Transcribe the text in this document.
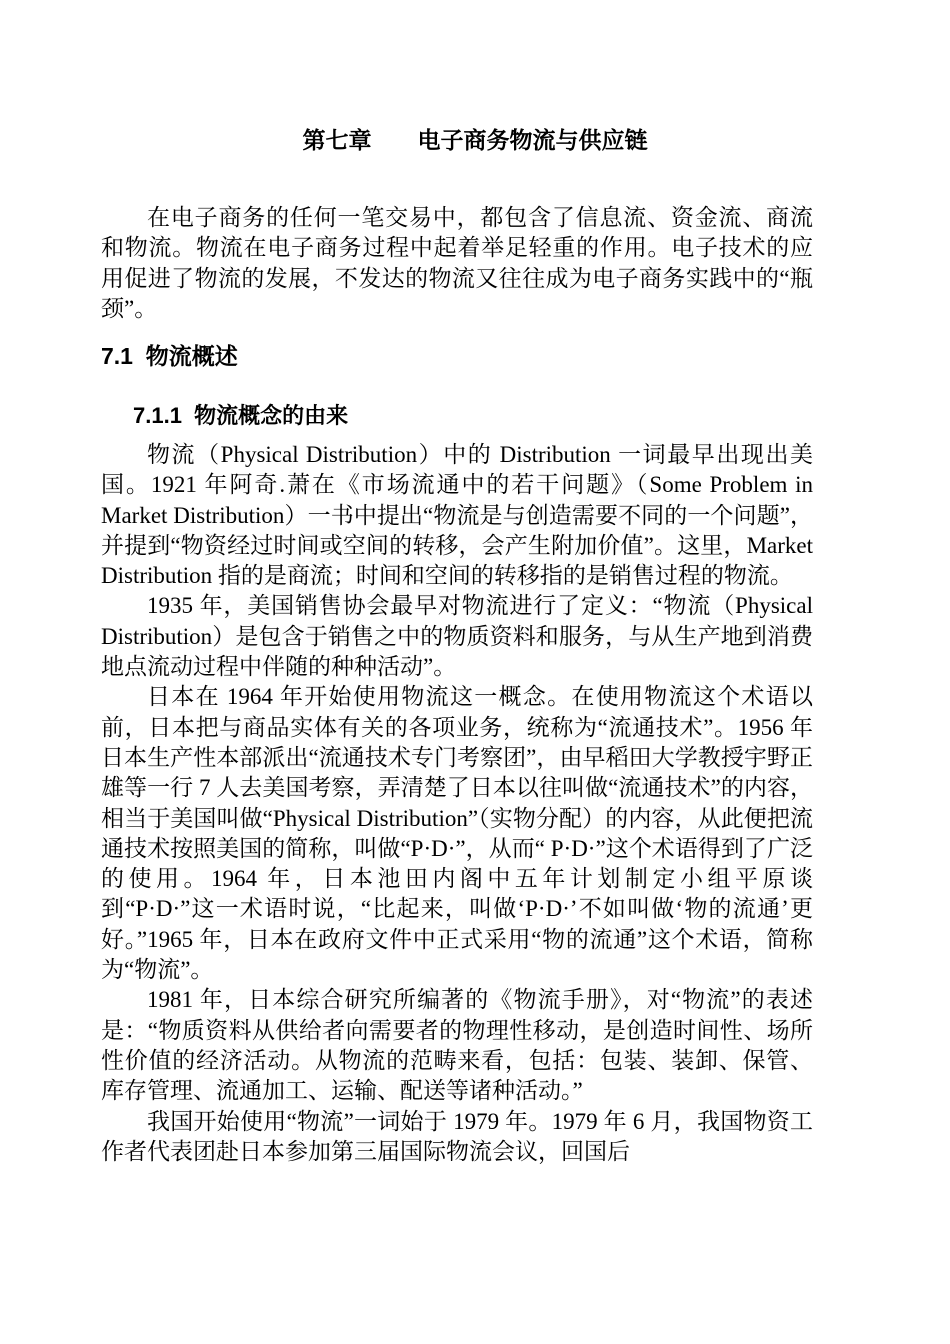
第七章　　电子商务物流与供应链

在电子商务的任何一笔交易中，都包含了信息流、资金流、商流和物流。物流在电子商务过程中起着举足轻重的作用。电子技术的应用促进了物流的发展，不发达的物流又往往成为电子商务实践中的“瓶颈”。

7.1  物流概述
7.1.1  物流概念的由来

物流（Physical Distribution）中的 Distribution 一词最早出现出美国。1921 年阿奇.萧在《市场流通中的若干问题》（Some Problem in Market Distribution）一书中提出“物流是与创造需要不同的一个问题”，并提到“物资经过时间或空间的转移，会产生附加价值”。这里，Market Distribution 指的是商流；时间和空间的转移指的是销售过程的物流。

1935 年，美国销售协会最早对物流进行了定义：“物流（Physical Distribution）是包含于销售之中的物质资料和服务，与从生产地到消费地点流动过程中伴随的种种活动”。

日本在 1964 年开始使用物流这一概念。在使用物流这个术语以前，日本把与商品实体有关的各项业务，统称为“流通技术”。1956 年日本生产性本部派出“流通技术专门考察团”，由早稻田大学教授宇野正雄等一行 7 人去美国考察，弄清楚了日本以往叫做“流通技术”的内容，相当于美国叫做“Physical Distribution”（实物分配）的内容，从此便把流通技术按照美国的简称，叫做“P·D·”，从而“ P·D·”这个术语得到了广泛的使用。1964 年，日本池田内阁中五年计划制定小组平原谈到“P·D·”这一术语时说，“比起来，叫做‘P·D·’不如叫做‘物的流通’更好。”1965 年，日本在政府文件中正式采用“物的流通”这个术语，简称为“物流”。

1981 年，日本综合研究所编著的《物流手册》，对“物流”的表述是：“物质资料从供给者向需要者的物理性移动，是创造时间性、场所性价值的经济活动。从物流的范畴来看，包括：包装、装卸、保管、库存管理、流通加工、运输、配送等诸种活动。”

我国开始使用“物流”一词始于 1979 年。1979 年 6 月，我国物资工作者代表团赴日本参加第三届国际物流会议，回国后
